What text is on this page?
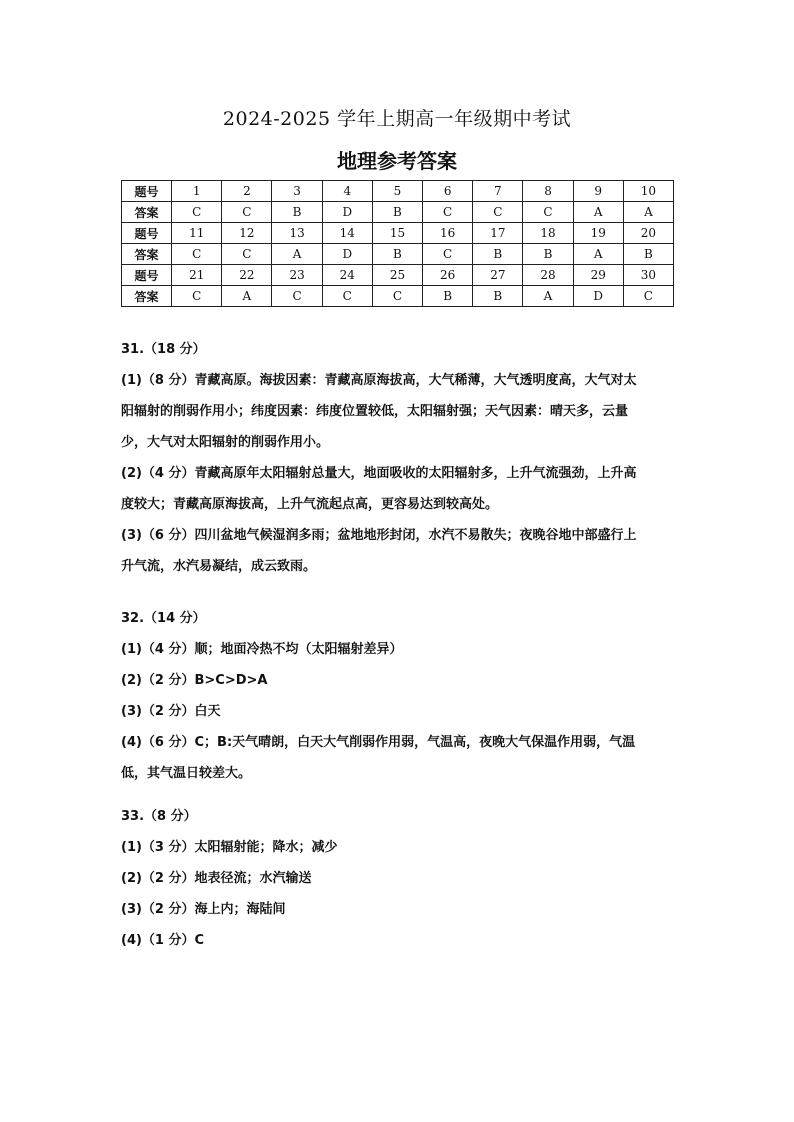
2024-2025 学年上期高一年级期中考试
地理参考答案
题号	1	2	3	4	5	6	7	8	9	10
答案	C	C	B	D	B	C	C	C	A	A
题号	11	12	13	14	15	16	17	18	19	20
答案	C	C	A	D	B	C	B	B	A	B
题号	21	22	23	24	25	26	27	28	29	30
答案	C	A	C	C	C	B	B	A	D	C

31.（18 分）

(1)（8 分）青藏高原。海拔因素：青藏高原海拔高，大气稀薄，大气透明度高，大气对太

阳辐射的削弱作用小；纬度因素：纬度位置较低，太阳辐射强；天气因素：晴天多，云量

少，大气对太阳辐射的削弱作用小。

(2)（4 分）青藏高原年太阳辐射总量大，地面吸收的太阳辐射多，上升气流强劲，上升高

度较大；青藏高原海拔高，上升气流起点高，更容易达到较高处。

(3)（6 分）四川盆地气候湿润多雨；盆地地形封闭，水汽不易散失；夜晚谷地中部盛行上

升气流，水汽易凝结，成云致雨。

32.（14 分）

(1)（4 分）顺；地面冷热不均（太阳辐射差异）

(2)（2 分）B>C>D>A

(3)（2 分）白天

(4)（6 分）C；B:天气晴朗，白天大气削弱作用弱，气温高，夜晚大气保温作用弱，气温

低，其气温日较差大。

33.（8 分）

(1)（3 分）太阳辐射能；降水；减少

(2)（2 分）地表径流；水汽输送

(3)（2 分）海上内；海陆间

(4)（1 分）C
